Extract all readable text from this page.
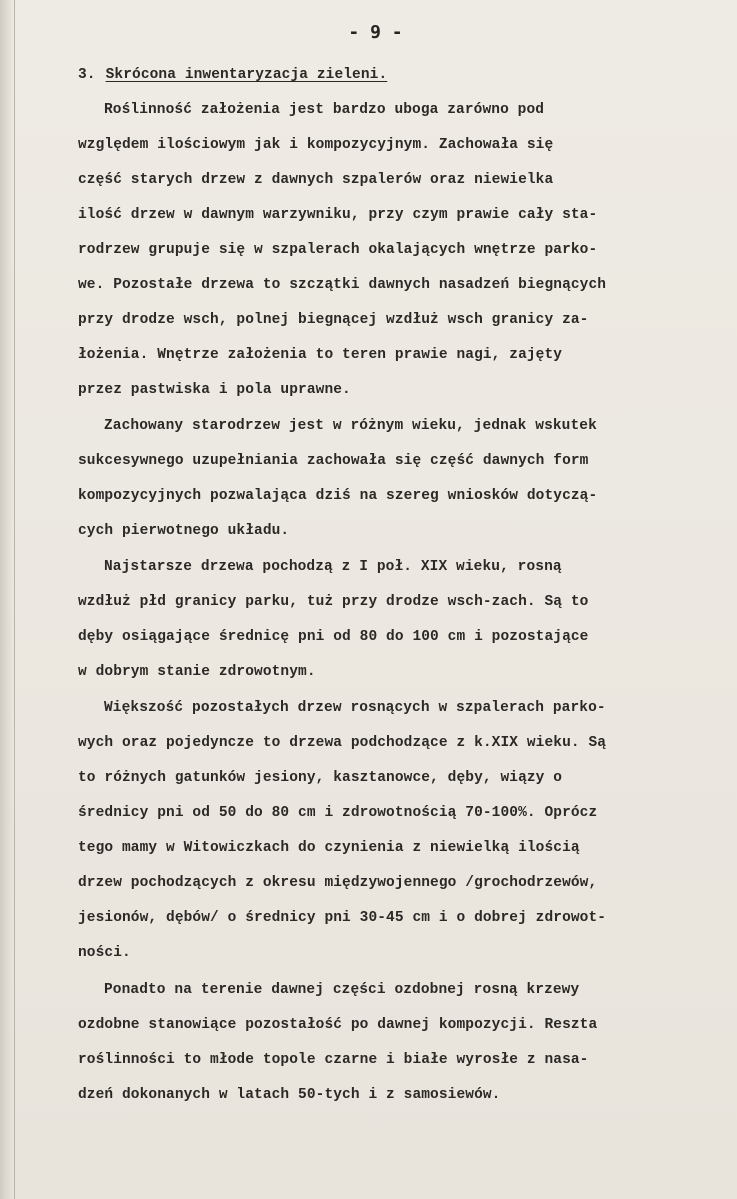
- 9 -
3. Skrócona inwentaryzacja zieleni.
Roślinność założenia jest bardzo uboga zarówno pod
względem ilościowym jak i kompozycyjnym. Zachowała się
część starych drzew z dawnych szpalerów oraz niewielka
ilość drzew w dawnym warzywniku, przy czym prawie cały sta-
rodrzew grupuje się w szpalerach okalających wnętrze parko-
we. Pozostałe drzewa to szczątki dawnych nasadzeń biegnących
przy drodze wsch, polnej biegnącej wzdłuż wsch granicy za-
łożenia. Wnętrze założenia to teren prawie nagi, zajęty
przez pastwiska i pola uprawne.
Zachowany starodrzew jest w różnym wieku, jednak wskutek
sukcesywnego uzupełniania zachowała się część dawnych form
kompozycyjnych pozwalająca dziś na szereg wniosków dotyczą-
cych pierwotnego układu.
Najstarsze drzewa pochodzą z I poł. XIX wieku, rosną
wzdłuż płd granicy parku, tuż przy drodze wsch-zach. Są to
dęby osiągające średnicę pni od 80 do 100 cm i pozostające
w dobrym stanie zdrowotnym.
Większość pozostałych drzew rosnących w szpalerach parko-
wych oraz pojedyncze to drzewa podchodzące z k.XIX wieku. Są
to różnych gatunków jesiony, kasztanowce, dęby, wiązy o
średnicy pni od 50 do 80 cm i zdrowotnością 70-100%. Oprócz
tego mamy w Witowiczkach do czynienia z niewielką ilością
drzew pochodzących z okresu międzywojennego /grochodrzewów,
jesionów, dębów/ o średnicy pni 30-45 cm i o dobrej zdrowot-
ności.
Ponadto na terenie dawnej części ozdobnej rosną krzewy
ozdobne stanowiące pozostałość po dawnej kompozycji. Reszta
roślinności to młode topole czarne i białe wyrosłe z nasa-
dzeń dokonanych w latach 50-tych i z samosiewów.
